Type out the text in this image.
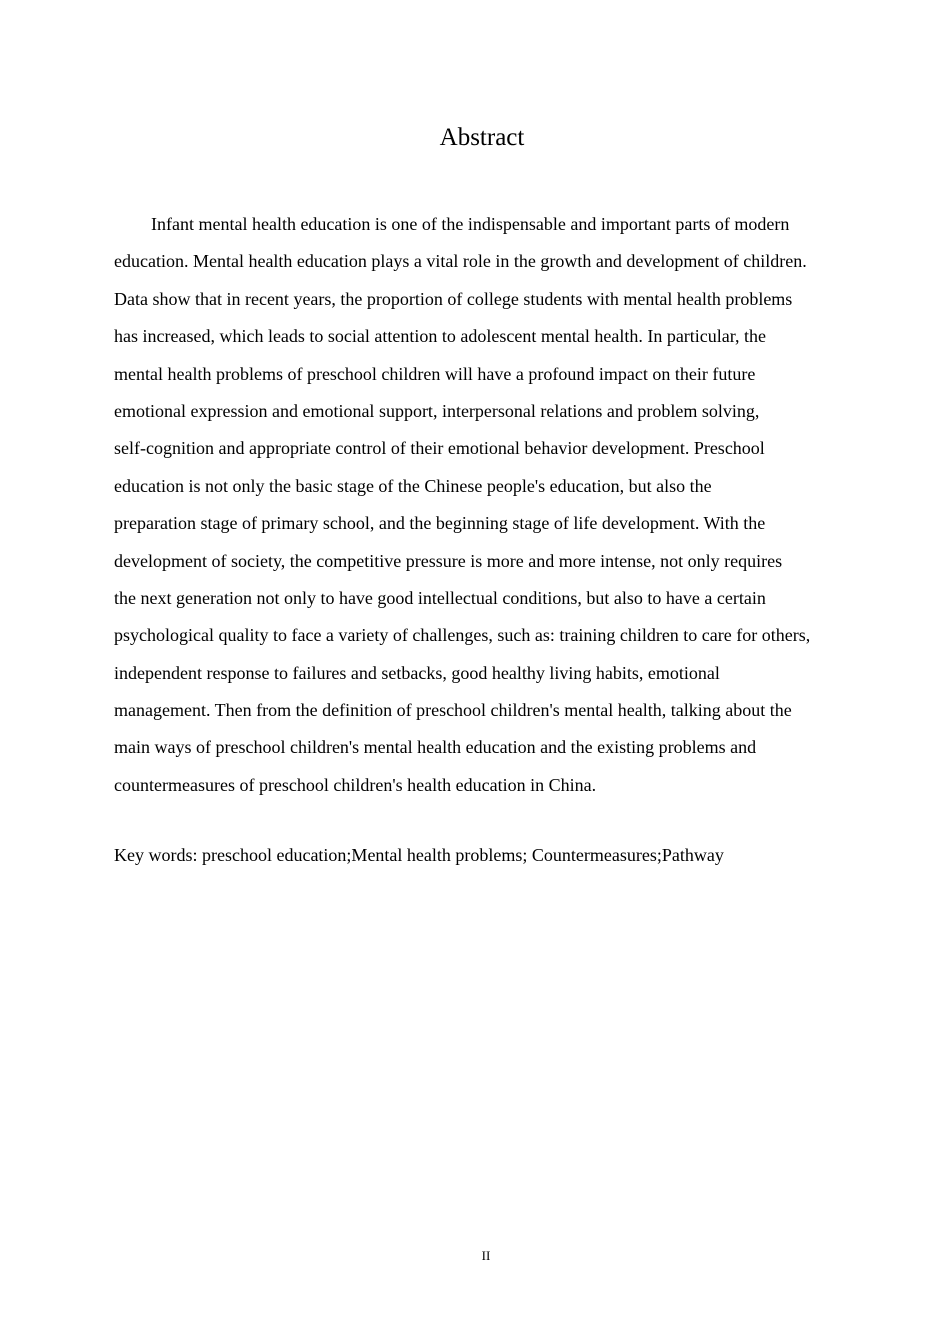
Abstract
Infant mental health education is one of the indispensable and important parts of modern
education. Mental health education plays a vital role in the growth and development of children.
Data show that in recent years, the proportion of college students with mental health problems
has increased, which leads to social attention to adolescent mental health. In particular, the
mental health problems of preschool children will have a profound impact on their future
emotional expression and emotional support, interpersonal relations and problem solving,
self-cognition and appropriate control of their emotional behavior development. Preschool
education is not only the basic stage of the Chinese people's education, but also the
preparation stage of primary school, and the beginning stage of life development. With the
development of society, the competitive pressure is more and more intense, not only requires
the next generation not only to have good intellectual conditions, but also to have a certain
psychological quality to face a variety of challenges, such as: training children to care for others,
independent response to failures and setbacks, good healthy living habits, emotional
management. Then from the definition of preschool children's mental health, talking about the
main ways of preschool children's mental health education and the existing problems and
countermeasures of preschool children's health education in China.

Key words: preschool education;Mental health problems; Countermeasures;Pathway

II
